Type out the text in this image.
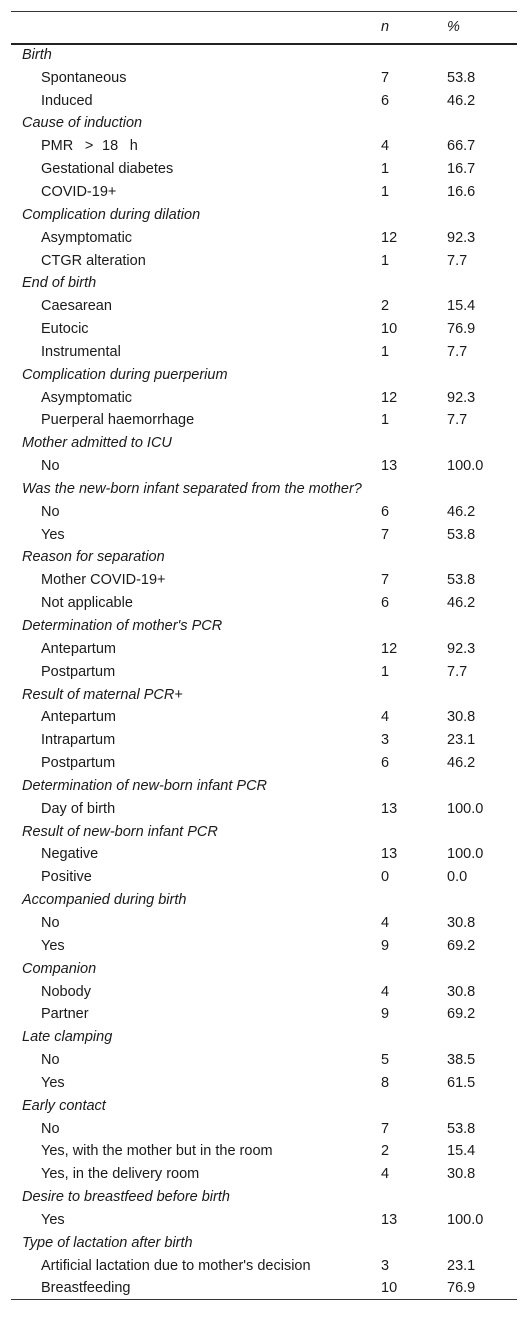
	n	%
Birth		
Spontaneous	7	53.8
Induced	6	46.2
Cause of induction		
PMR    >   18    h	4	66.7
Gestational diabetes	1	16.7
COVID-19+	1	16.6
Complication during dilation		
Asymptomatic	12	92.3
CTGR alteration	1	7.7
End of birth		
Caesarean	2	15.4
Eutocic	10	76.9
Instrumental	1	7.7
Complication during puerperium		
Asymptomatic	12	92.3
Puerperal haemorrhage	1	7.7
Mother admitted to ICU		
No	13	100.0
Was the new-born infant separated from the mother?		
No	6	46.2
Yes	7	53.8
Reason for separation		
Mother COVID-19+	7	53.8
Not applicable	6	46.2
Determination of mother's PCR		
Antepartum	12	92.3
Postpartum	1	7.7
Result of maternal PCR+		
Antepartum	4	30.8
Intrapartum	3	23.1
Postpartum	6	46.2
Determination of new-born infant PCR		
Day of birth	13	100.0
Result of new-born infant PCR		
Negative	13	100.0
Positive	0	0.0
Accompanied during birth		
No	4	30.8
Yes	9	69.2
Companion		
Nobody	4	30.8
Partner	9	69.2
Late clamping		
No	5	38.5
Yes	8	61.5
Early contact		
No	7	53.8
Yes, with the mother but in the room	2	15.4
Yes, in the delivery room	4	30.8
Desire to breastfeed before birth		
Yes	13	100.0
Type of lactation after birth		
Artificial lactation due to mother's decision	3	23.1
Breastfeeding	10	76.9
